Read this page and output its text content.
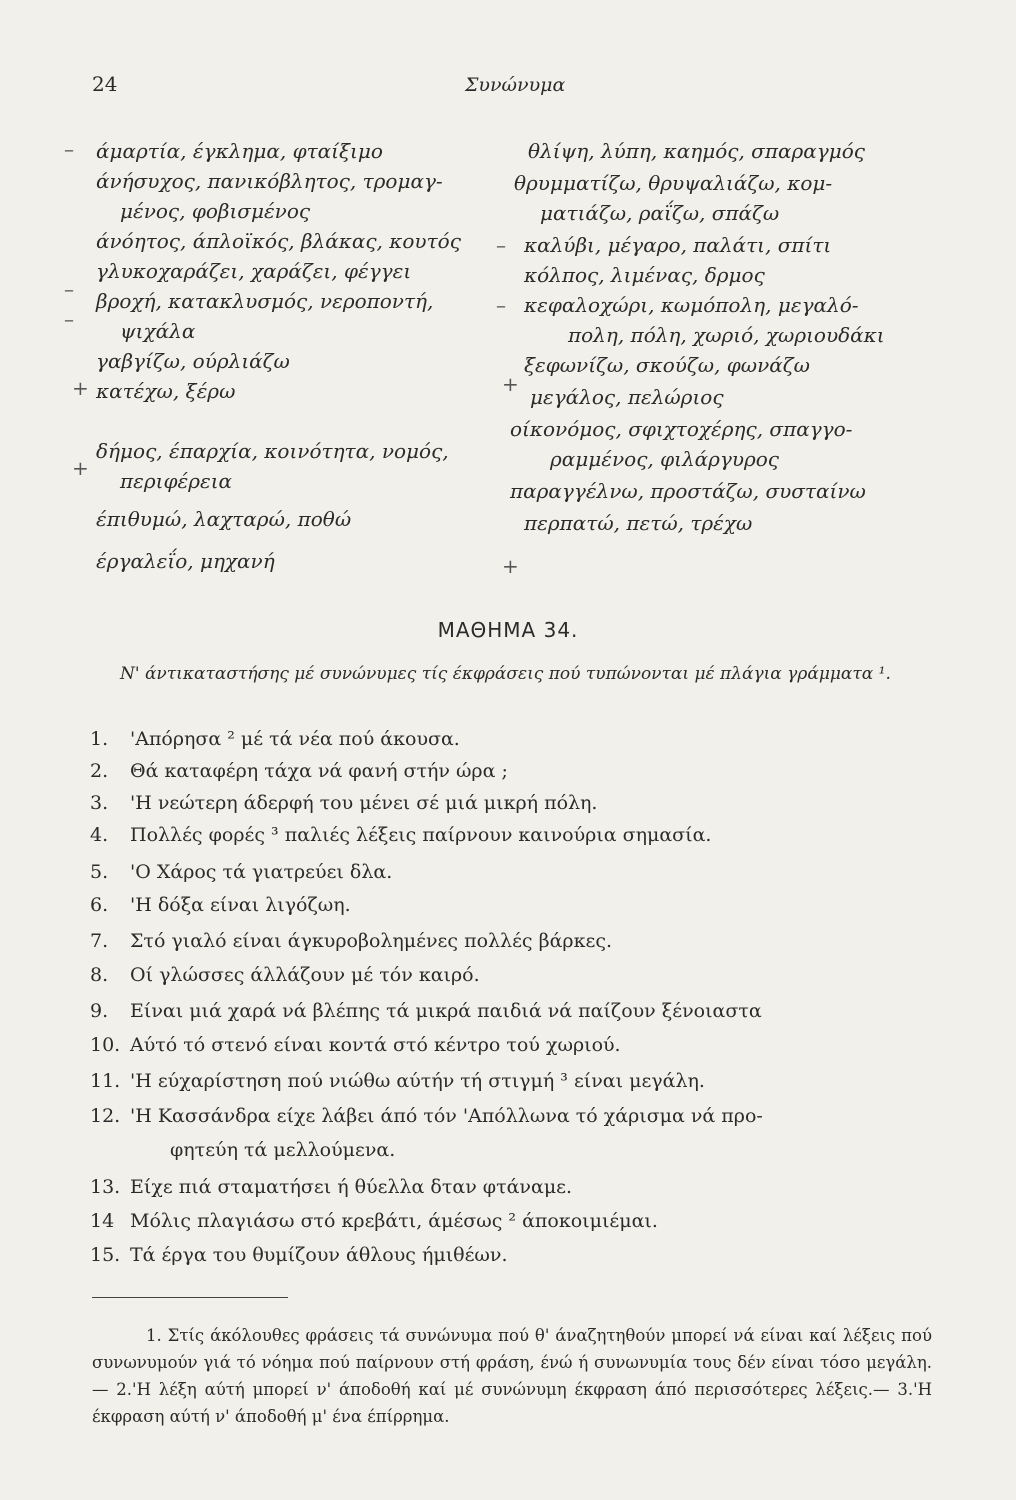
24	Συνώνυμα
–
–
–
+
+
άμαρτία, έγκλημα, φταίξιμο
άνήσυχος, πανικόβλητος, τρομαγ-
μένος, φοβισμένος
άνόητος, άπλοϊκός, βλάκας, κουτός
γλυκοχαράζει, χαράζει, φέγγει
βροχή, κατακλυσμός, νεροποντή,
ψιχάλα
γαβγίζω, ούρλιάζω
κατέχω, ξέρω
δήμος, έπαρχία, κοινότητα, νομός,
περιφέρεια
έπιθυμώ, λαχταρώ, ποθώ
έργαλεΐο, μηχανή
–
–
+
+
θλίψη, λύπη, καημός, σπαραγμός
θρυμματίζω, θρυψαλιάζω, κομ-
ματιάζω, ραΐζω, σπάζω
καλύβι, μέγαρο, παλάτι, σπίτι
κόλπος, λιμένας, δρμος
κεφαλοχώρι, κωμόπολη, μεγαλό-
πολη, πόλη, χωριό, χωριουδάκι
ξεφωνίζω, σκούζω, φωνάζω
μεγάλος, πελώριος
οίκονόμος, σφιχτοχέρης, σπαγγο-
ραμμένος, φιλάργυρος
παραγγέλνω, προστάζω, συσταίνω
περπατώ, πετώ, τρέχω
ΜΑΘΗΜΑ 34.
Ν' άντικαταστήσης μέ συνώνυμες τίς έκφράσεις πού τυπώνονται μέ πλάγια γράμματα ¹.
1. 'Απόρησα ² μέ τά νέα πού άκουσα.
2. Θά καταφέρη τάχα νά φανή στήν ώρα ;
3. 'Η νεώτερη άδερφή του μένει σέ μιά μικρή πόλη.
4. Πολλές φορές ³ παλιές λέξεις παίρνουν καινούρια σημασία.
5. 'Ο Χάρος τά γιατρεύει δλα.
6. 'Η δόξα είναι λιγόζωη.
7. Στό γιαλό είναι άγκυροβολημένες πολλές βάρκες.
8. Οί γλώσσες άλλάζουν μέ τόν καιρό.
9. Είναι μιά χαρά νά βλέπης τά μικρά παιδιά νά παίζουν ξένοιαστα
10. Αύτό τό στενό είναι κοντά στό κέντρο τού χωριού.
11. 'Η εύχαρίστηση πού νιώθω αύτήν τή στιγμή ³ είναι μεγάλη.
12. 'Η Κασσάνδρα είχε λάβει άπό τόν 'Απόλλωνα τό χάρισμα νά προ-
φητεύη τά μελλούμενα.
13. Είχε πιά σταματήσει ή θύελλα δταν φτάναμε.
14 Μόλις πλαγιάσω στό κρεβάτι, άμέσως ² άποκοιμιέμαι.
15. Τά έργα του θυμίζουν άθλους ήμιθέων.
1. Στίς άκόλουθες φράσεις τά συνώνυμα πού θ' άναζητηθούν μπορεί νά είναι καί λέξεις πού συνωνυμούν γιά τό νόημα πού παίρνουν στή φράση, ένώ ή συνωνυμία τους δέν είναι τόσο μεγάλη.— 2.'Η λέξη αύτή μπορεί ν' άποδοθή καί μέ συνώνυμη έκφραση άπό περισσότερες λέξεις.— 3.'Η έκφραση αύτή ν' άποδοθή μ' ένα έπίρρημα.
